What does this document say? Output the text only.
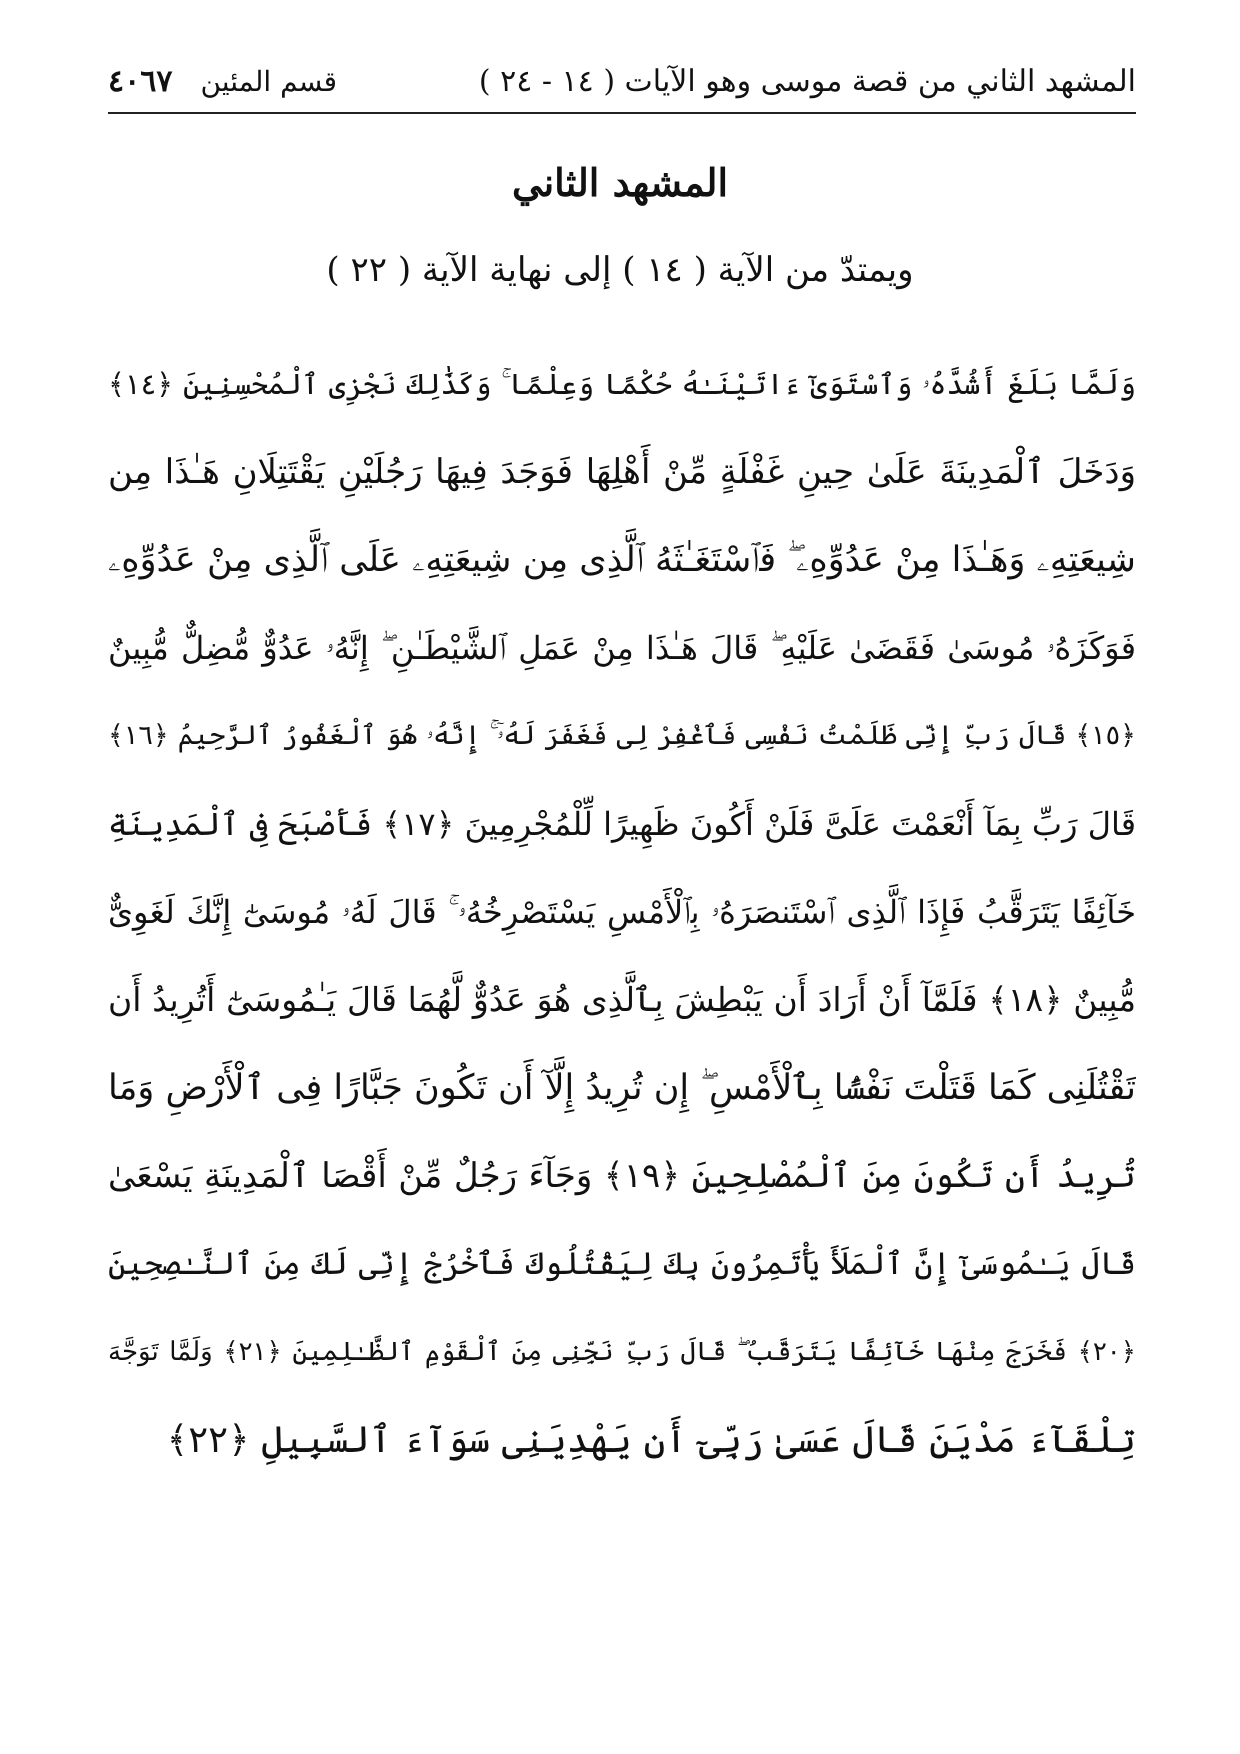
المشهد الثاني من قصة موسى وهو الآيات ( ١٤ - ٢٤ )
قسم المئين
٤٠٦٧
المشهد الثاني
ويمتدّ من الآية ( ١٤ ) إلى نهاية الآية ( ٢٢ )
وَلَمَّا بَلَغَ أَشُدَّهُۥ وَٱسْتَوَىٰٓ ءَاتَيْنَـٰهُ حُكْمًا وَعِلْمًا ۚ وَكَذَٰلِكَ نَجْزِى ٱلْمُحْسِنِينَ ﴿١٤﴾
وَدَخَلَ ٱلْمَدِينَةَ عَلَىٰ حِينِ غَفْلَةٍ مِّنْ أَهْلِهَا فَوَجَدَ فِيهَا رَجُلَيْنِ يَقْتَتِلَانِ هَـٰذَا مِن
شِيعَتِهِۦ وَهَـٰذَا مِنْ عَدُوِّهِۦ ۖ فَٱسْتَغَـٰثَهُ ٱلَّذِى مِن شِيعَتِهِۦ عَلَى ٱلَّذِى مِنْ عَدُوِّهِۦ
فَوَكَزَهُۥ مُوسَىٰ فَقَضَىٰ عَلَيْهِ ۖ قَالَ هَـٰذَا مِنْ عَمَلِ ٱلشَّيْطَـٰنِ ۖ إِنَّهُۥ عَدُوٌّ مُّضِلٌّ مُّبِينٌ
﴿١٥﴾ قَالَ رَبِّ إِنِّى ظَلَمْتُ نَفْسِى فَٱغْفِرْ لِى فَغَفَرَ لَهُۥٓ ۚ إِنَّهُۥ هُوَ ٱلْغَفُورُ ٱلرَّحِيمُ ﴿١٦﴾
قَالَ رَبِّ بِمَآ أَنْعَمْتَ عَلَىَّ فَلَنْ أَكُونَ ظَهِيرًا لِّلْمُجْرِمِينَ ﴿١٧﴾ فَأَصْبَحَ فِى ٱلْمَدِينَةِ
خَآئِفًا يَتَرَقَّبُ فَإِذَا ٱلَّذِى ٱسْتَنصَرَهُۥ بِٱلْأَمْسِ يَسْتَصْرِخُهُۥ ۚ قَالَ لَهُۥ مُوسَىٰٓ إِنَّكَ لَغَوِىٌّ
مُّبِينٌ ﴿١٨﴾ فَلَمَّآ أَنْ أَرَادَ أَن يَبْطِشَ بِٱلَّذِى هُوَ عَدُوٌّ لَّهُمَا قَالَ يَـٰمُوسَىٰٓ أَتُرِيدُ أَن
تَقْتُلَنِى كَمَا قَتَلْتَ نَفْسًۢا بِٱلْأَمْسِ ۖ إِن تُرِيدُ إِلَّآ أَن تَكُونَ جَبَّارًا فِى ٱلْأَرْضِ وَمَا
تُرِيدُ أَن تَكُونَ مِنَ ٱلْمُصْلِحِينَ ﴿١٩﴾ وَجَآءَ رَجُلٌ مِّنْ أَقْصَا ٱلْمَدِينَةِ يَسْعَىٰ
قَالَ يَـٰمُوسَىٰٓ إِنَّ ٱلْمَلَأَ يَأْتَمِرُونَ بِكَ لِيَقْتُلُوكَ فَٱخْرُجْ إِنِّى لَكَ مِنَ ٱلنَّـٰصِحِينَ
﴿٢٠﴾ فَخَرَجَ مِنْهَا خَآئِفًا يَتَرَقَّبُ ۖ قَالَ رَبِّ نَجِّنِى مِنَ ٱلْقَوْمِ ٱلظَّـٰلِمِينَ ﴿٢١﴾ وَلَمَّا تَوَجَّهَ
تِلْقَآءَ مَدْيَنَ قَالَ عَسَىٰ رَبِّىٓ أَن يَهْدِيَنِى سَوَآءَ ٱلسَّبِيلِ ﴿٢٢﴾
